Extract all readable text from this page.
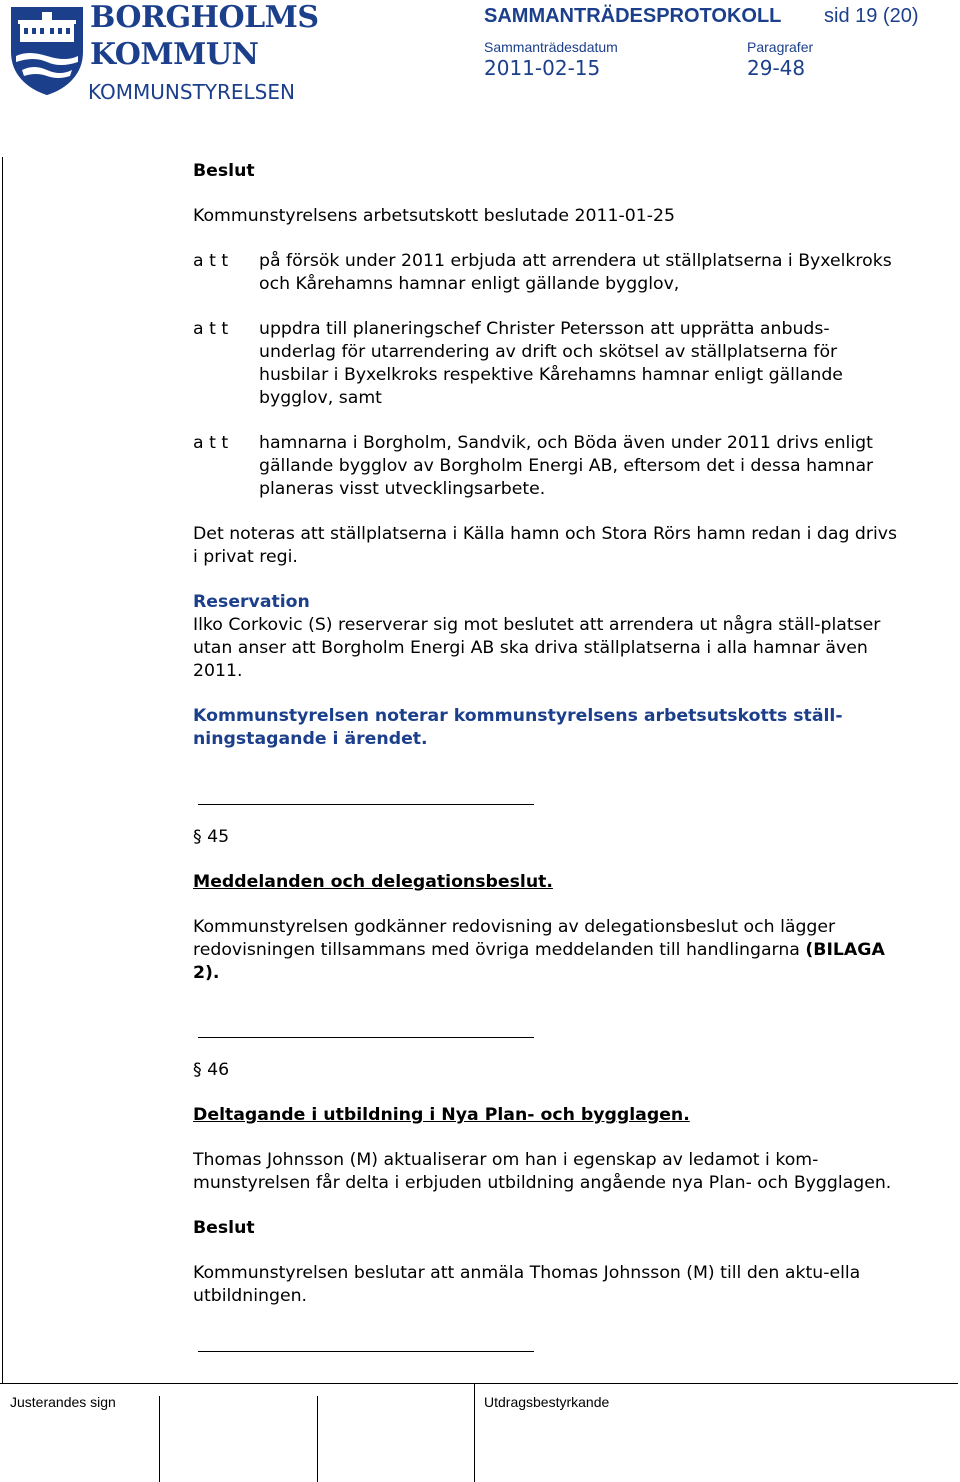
BORGHOLMS
KOMMUN
KOMMUNSTYRELSEN
SAMMANTRÄDESPROTOKOLL sid 19 (20)
Sammanträdesdatum
2011-02-15
Paragrafer
29-48

Beslut

Kommunstyrelsens arbetsutskott beslutade 2011-01-25

a t t	på försök under 2011 erbjuda att arrendera ut ställplatserna i Byxelkroks och Kårehamns hamnar enligt gällande bygglov,
a t t	uppdra till planeringschef Christer Petersson att upprätta anbuds-underlag för utarrendering av drift och skötsel av ställplatserna för husbilar i Byxelkroks respektive Kårehamns hamnar enligt gällande bygglov, samt
a t t	hamnarna i Borgholm, Sandvik, och Böda även under 2011 drivs enligt gällande bygglov av Borgholm Energi AB, eftersom det i dessa hamnar planeras visst utvecklingsarbete.

Det noteras att ställplatserna i Källa hamn och Stora Rörs hamn redan i dag drivs i privat regi.

Reservation

Ilko Corkovic (S) reserverar sig mot beslutet att arrendera ut några ställ-platser utan anser att Borgholm Energi AB ska driva ställplatserna i alla hamnar även 2011.

Kommunstyrelsen noterar kommunstyrelsens arbetsutskotts ställ-ningstagande i ärendet.

§ 45

Meddelanden och delegationsbeslut.

Kommunstyrelsen godkänner redovisning av delegationsbeslut och lägger redovisningen tillsammans med övriga meddelanden till handlingarna (BILAGA 2).

§ 46

Deltagande i utbildning i Nya Plan- och bygglagen.

Thomas Johnsson (M) aktualiserar om han i egenskap av ledamot i kom-munstyrelsen får delta i erbjuden utbildning angående nya Plan- och Bygglagen.

Beslut

Kommunstyrelsen beslutar att anmäla Thomas Johnsson (M) till den aktu-ella utbildningen.

Justerandes sign	Utdragsbestyrkande
